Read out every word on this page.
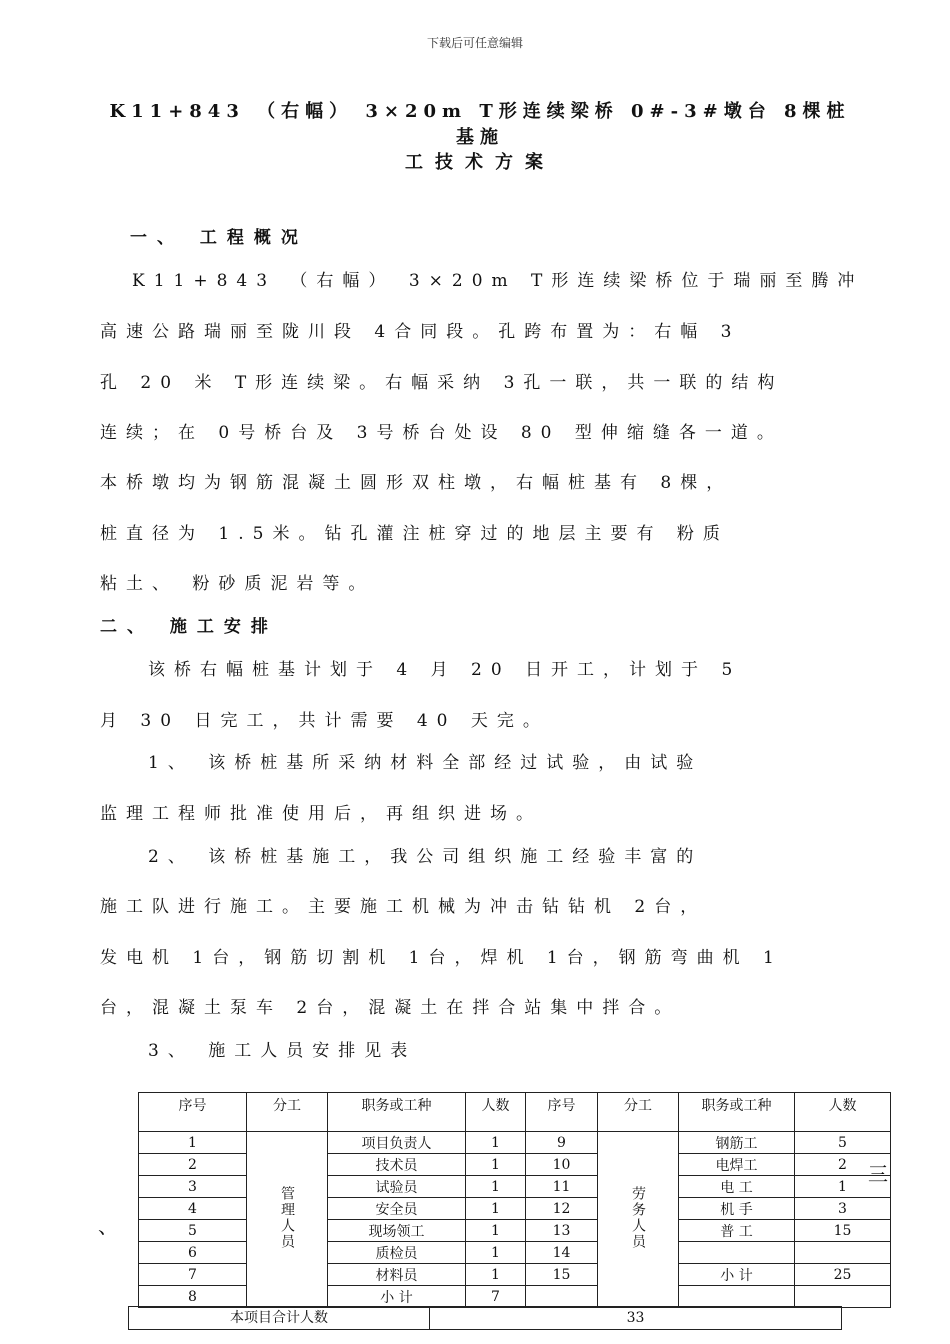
下载后可任意编辑
K11+843 （右幅） 3×20m T形连续梁桥 0#-3#墩台 8棵桩基施
工技术方案
一、 工程概况
K11+843 （右幅） 3×20m T形连续梁桥位于瑞丽至腾冲
高速公路瑞丽至陇川段 4合同段。孔跨布置为：右幅 3
孔 20 米 T形连续梁。右幅采纳 3孔一联，共一联的结构
连续；在 0号桥台及 3号桥台处设 80 型伸缩缝各一道。
本桥墩均为钢筋混凝土圆形双柱墩，右幅桩基有 8棵，
桩直径为 1.5米。钻孔灌注桩穿过的地层主要有 粉质
粘土、 粉砂质泥岩等。
二、 施工安排
该桥右幅桩基计划于 4 月 20 日开工，计划于 5
月 30 日完工，共计需要 40 天完。
1、 该桥桩基所采纳材料全部经过试验，由试验
监理工程师批准使用后，再组织进场。
2、 该桥桩基施工，我公司组织施工经验丰富的
施工队进行施工。主要施工机械为冲击钻钻机 2台，
发电机 1台，钢筋切割机 1台，焊机 1台，钢筋弯曲机 1
台，混凝土泵车 2台，混凝土在拌合站集中拌合。
3、 施工人员安排见表
序号	分工	职务或工种	人数	序号	分工	职务或工种	人数
1	管理人员	项目负责人	1	9	劳务人员	钢筋工	5
2		技术员	1	10		电焊工	2
3		试验员	1	11		电 工	1
4		安全员	1	12		机 手	3
5		现场领工	1	13		普 工	15
6		质检员	1	14			
7		材料员	1	15		小 计	25
8		小 计	7				
本项目合计人数	33
三
、
